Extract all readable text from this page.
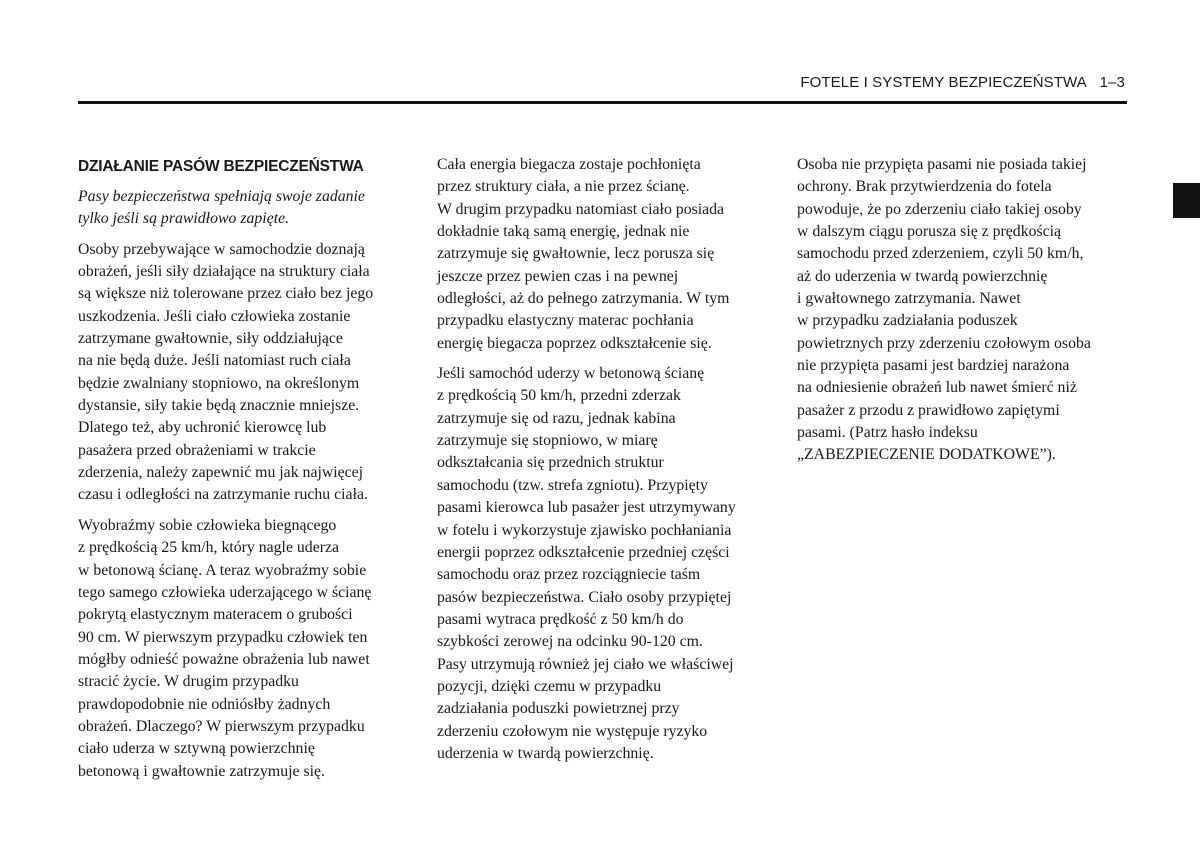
FOTELE I SYSTEMY BEZPIECZEŃSTWA 1–3
DZIAŁANIE PASÓW BEZPIECZEŃSTWA

Pasy bezpieczeństwa spełniają swoje zadanie
tylko jeśli są prawidłowo zapięte.

Osoby przebywające w samochodzie doznają
obrażeń, jeśli siły działające na struktury ciała
są większe niż tolerowane przez ciało bez jego
uszkodzenia. Jeśli ciało człowieka zostanie
zatrzymane gwałtownie, siły oddziałujące
na nie będą duże. Jeśli natomiast ruch ciała
będzie zwalniany stopniowo, na określonym
dystansie, siły takie będą znacznie mniejsze.
Dlatego też, aby uchronić kierowcę lub
pasażera przed obrażeniami w trakcie
zderzenia, należy zapewnić mu jak najwięcej
czasu i odległości na zatrzymanie ruchu ciała.

Wyobraźmy sobie człowieka biegnącego
z prędkością 25 km/h, który nagle uderza
w betonową ścianę. A teraz wyobraźmy sobie
tego samego człowieka uderzającego w ścianę
pokrytą elastycznym materacem o grubości
90 cm. W pierwszym przypadku człowiek ten
mógłby odnieść poważne obrażenia lub nawet
stracić życie. W drugim przypadku
prawdopodobnie nie odniósłby żadnych
obrażeń. Dlaczego? W pierwszym przypadku
ciało uderza w sztywną powierzchnię
betonową i gwałtownie zatrzymuje się.

Cała energia biegacza zostaje pochłonięta
przez struktury ciała, a nie przez ścianę.
W drugim przypadku natomiast ciało posiada
dokładnie taką samą energię, jednak nie
zatrzymuje się gwałtownie, lecz porusza się
jeszcze przez pewien czas i na pewnej
odległości, aż do pełnego zatrzymania. W tym
przypadku elastyczny materac pochłania
energię biegacza poprzez odkształcenie się.

Jeśli samochód uderzy w betonową ścianę
z prędkością 50 km/h, przedni zderzak
zatrzymuje się od razu, jednak kabina
zatrzymuje się stopniowo, w miarę
odkształcania się przednich struktur
samochodu (tzw. strefa zgniotu). Przypięty
pasami kierowca lub pasażer jest utrzymywany
w fotelu i wykorzystuje zjawisko pochłaniania
energii poprzez odkształcenie przedniej części
samochodu oraz przez rozciągniecie taśm
pasów bezpieczeństwa. Ciało osoby przypiętej
pasami wytraca prędkość z 50 km/h do
szybkości zerowej na odcinku 90-120 cm.
Pasy utrzymują również jej ciało we właściwej
pozycji, dzięki czemu w przypadku
zadziałania poduszki powietrznej przy
zderzeniu czołowym nie występuje ryzyko
uderzenia w twardą powierzchnię.

Osoba nie przypięta pasami nie posiada takiej
ochrony. Brak przytwierdzenia do fotela
powoduje, że po zderzeniu ciało takiej osoby
w dalszym ciągu porusza się z prędkością
samochodu przed zderzeniem, czyli 50 km/h,
aż do uderzenia w twardą powierzchnię
i gwałtownego zatrzymania. Nawet
w przypadku zadziałania poduszek
powietrznych przy zderzeniu czołowym osoba
nie przypięta pasami jest bardziej narażona
na odniesienie obrażeń lub nawet śmierć niż
pasażer z przodu z prawidłowo zapiętymi
pasami. (Patrz hasło indeksu
„ZABEZPIECZENIE DODATKOWE”).
